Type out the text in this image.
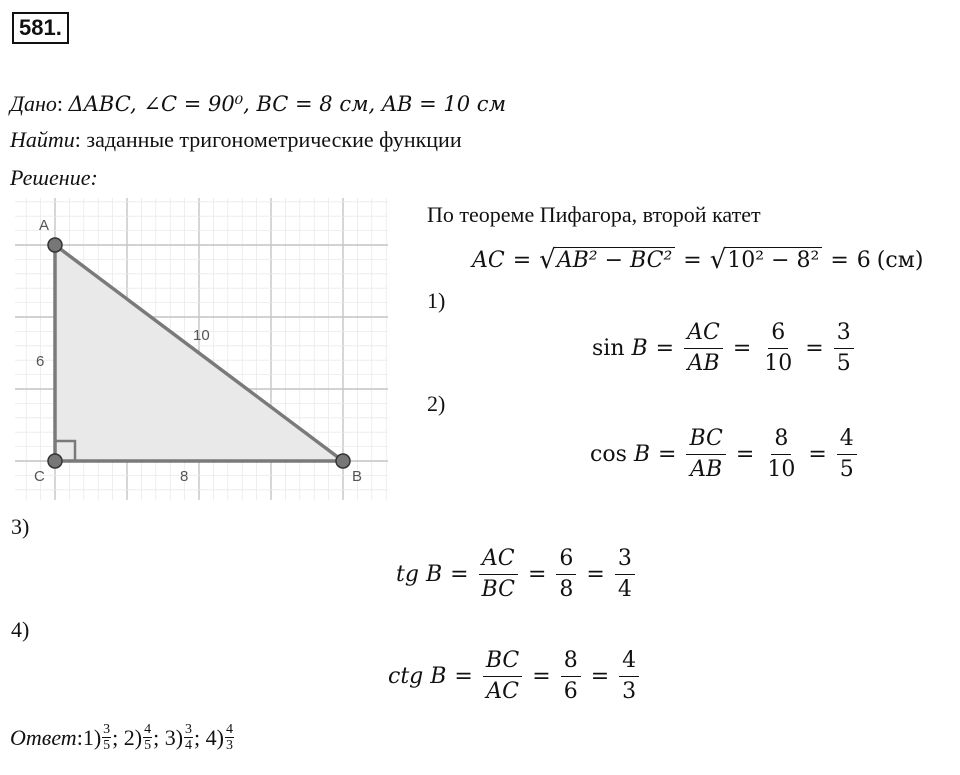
581.
Дано: ΔABC, ∠C = 90⁰, BC = 8 см, AB = 10 см
Найти: заданные тригонометрические функции
Решение:
A
C	B
10
6
8
По теореме Пифагора, второй катет
AC = √ AB² − BC² = √ 10² − 8² = 6 (см)
1)
2)
3)
4)
sin
$B = \frac{AC}{AB} = \frac{6}{10} = \frac{3}{5}$
cos
$B = \frac{BC}{AB} = \frac{8}{10} = \frac{4}{5}$
tg
$B = \frac{AC}{BC} = \frac{6}{8} = \frac{3}{4}$
ctg
$B = \frac{BC}{AC} = \frac{8}{6} = \frac{4}{3}$
Ответ : $1) \frac{3}{5}$ ;
$2) \frac{4}{5}$ ;
$3) \frac{3}{4}$ ;
$4) \frac{4}{3}$
